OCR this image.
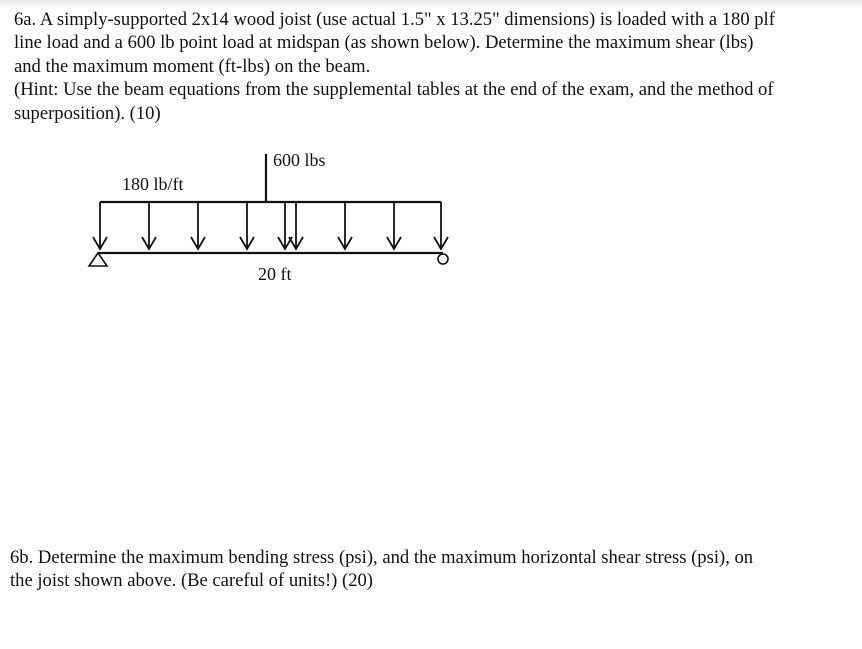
6a. A simply-supported 2x14 wood joist (use actual 1.5" x 13.25" dimensions) is loaded with a 180 plf
line load and a 600 lb point load at midspan (as shown below). Determine the maximum shear (lbs)
and the maximum moment (ft-lbs) on the beam.
(Hint: Use the beam equations from the supplemental tables at the end of the exam, and the method of
superposition). (10)
600 lbs
180 lb/ft
20 ft
6b. Determine the maximum bending stress (psi), and the maximum horizontal shear stress (psi), on
the joist shown above. (Be careful of units!) (20)
